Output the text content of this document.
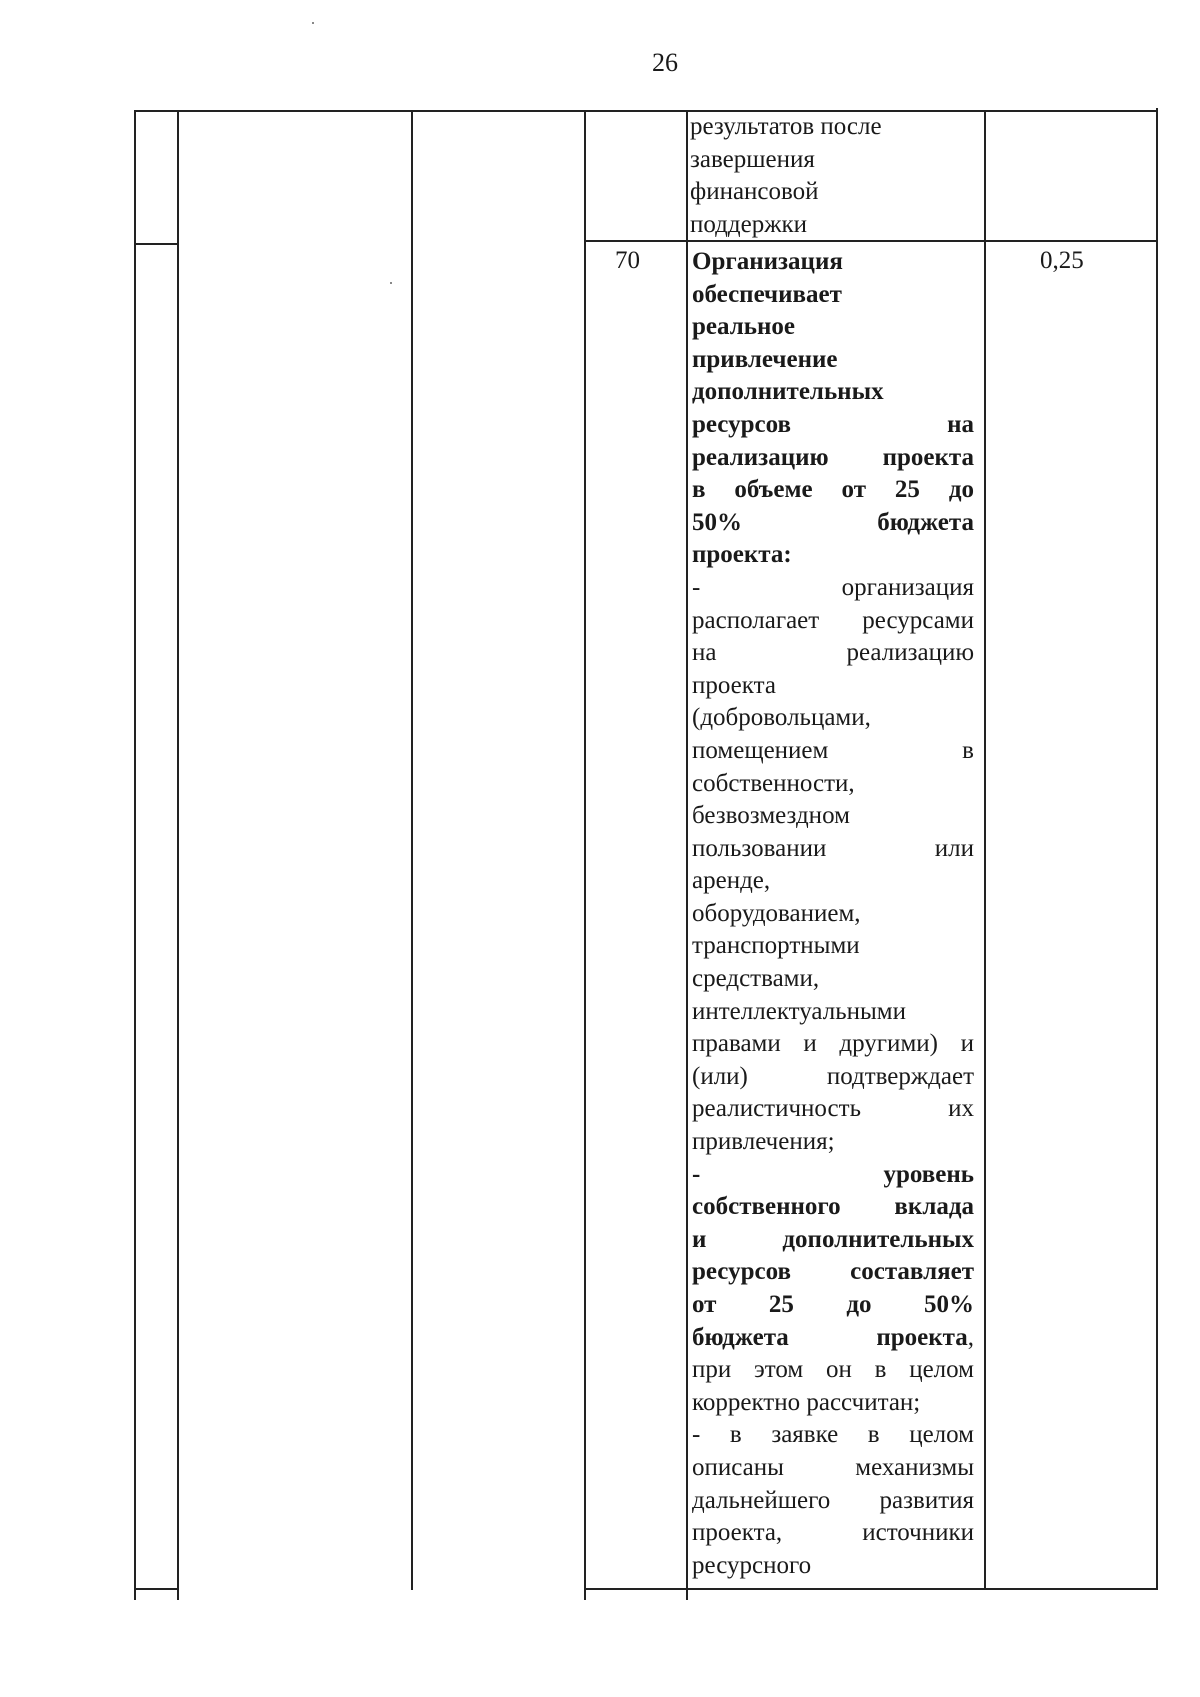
26
результатов после
завершения
финансовой
поддержки
70	0,25
Организация
обеспечивает
реальное
привлечение
дополнительных
ресурсов на
реализацию проекта
в объеме от 25 до
50% бюджета
проекта:
- организация
располагает ресурсами
на реализацию
проекта
(добровольцами,
помещением в
собственности,
безвозмездном
пользовании или
аренде,
оборудованием,
транспортными
средствами,
интеллектуальными
правами и другими) и
(или) подтверждает
реалистичность их
привлечения;
- уровень
собственного вклада
и дополнительных
ресурсов составляет
от 25 до 50%
бюджета проекта,
при этом он в целом
корректно рассчитан;
- в заявке в целом
описаны механизмы
дальнейшего развития
проекта, источники
ресурсного
